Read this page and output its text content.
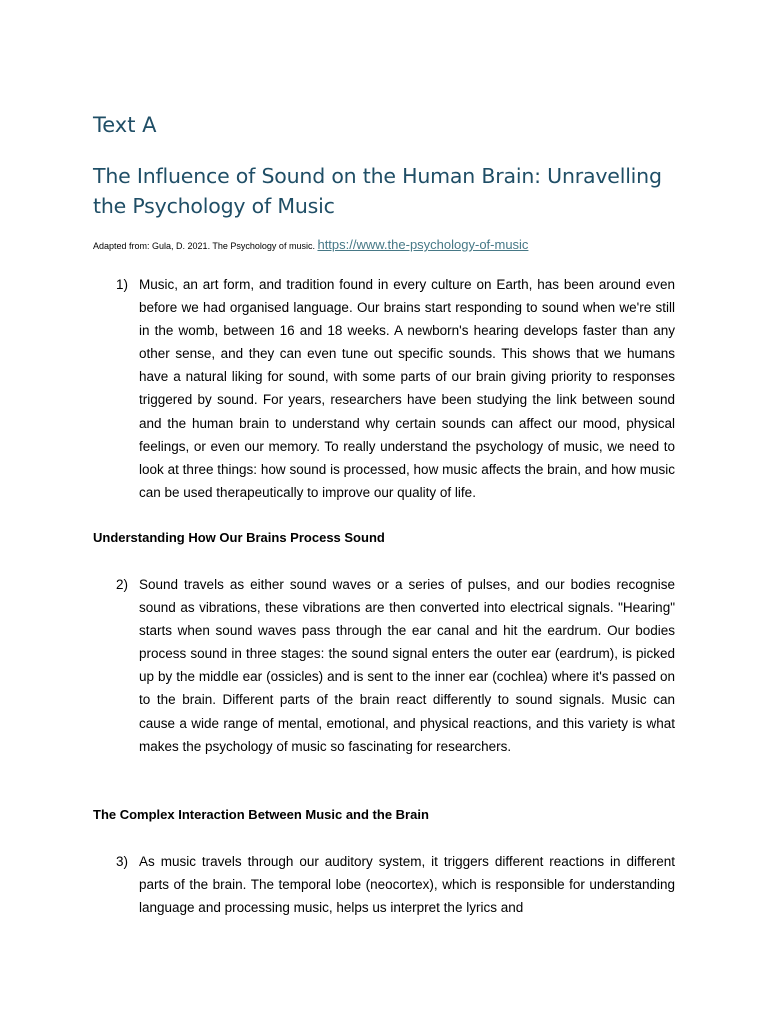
Text A
The Influence of Sound on the Human Brain: Unravelling the Psychology of Music
Adapted from: Gula, D. 2021. The Psychology of music. https://www.the-psychology-of-music
1) Music, an art form, and tradition found in every culture on Earth, has been around even before we had organised language. Our brains start responding to sound when we're still in the womb, between 16 and 18 weeks. A newborn's hearing develops faster than any other sense, and they can even tune out specific sounds. This shows that we humans have a natural liking for sound, with some parts of our brain giving priority to responses triggered by sound. For years, researchers have been studying the link between sound and the human brain to understand why certain sounds can affect our mood, physical feelings, or even our memory. To really understand the psychology of music, we need to look at three things: how sound is processed, how music affects the brain, and how music can be used therapeutically to improve our quality of life.
Understanding How Our Brains Process Sound
2) Sound travels as either sound waves or a series of pulses, and our bodies recognise sound as vibrations, these vibrations are then converted into electrical signals. "Hearing" starts when sound waves pass through the ear canal and hit the eardrum. Our bodies process sound in three stages: the sound signal enters the outer ear (eardrum), is picked up by the middle ear (ossicles) and is sent to the inner ear (cochlea) where it's passed on to the brain. Different parts of the brain react differently to sound signals. Music can cause a wide range of mental, emotional, and physical reactions, and this variety is what makes the psychology of music so fascinating for researchers.
The Complex Interaction Between Music and the Brain
3) As music travels through our auditory system, it triggers different reactions in different parts of the brain. The temporal lobe (neocortex), which is responsible for understanding language and processing music, helps us interpret the lyrics and
